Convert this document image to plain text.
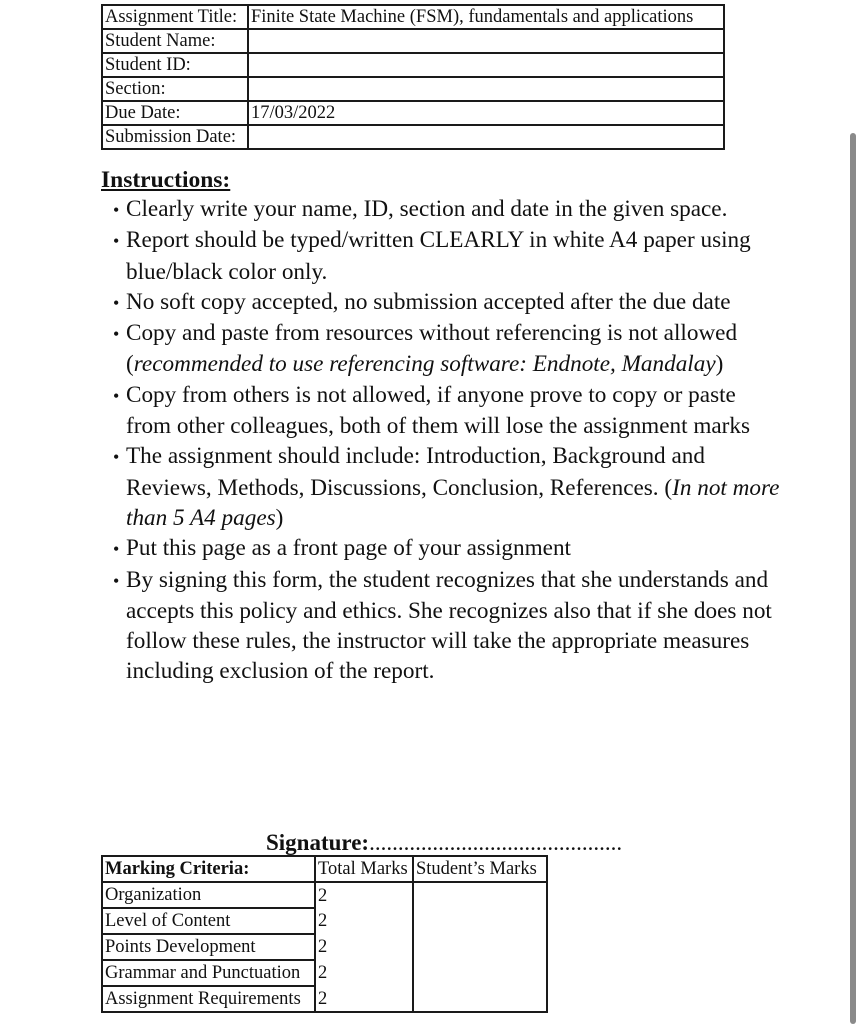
Assignment Title:	Finite State Machine (FSM), fundamentals and applications
Student Name:	
Student ID:	
Section:	
Due Date:	17/03/2022
Submission Date:	

Instructions:

• Clearly write your name, ID, section and date in the given space.
• Report should be typed/written CLEARLY in white A4 paper using blue/black color only.
• No soft copy accepted, no submission accepted after the due date
• Copy and paste from resources without referencing is not allowed (recommended to use referencing software: Endnote, Mandalay)
• Copy from others is not allowed, if anyone prove to copy or paste from other colleagues, both of them will lose the assignment marks
• The assignment should include: Introduction, Background and Reviews, Methods, Discussions, Conclusion, References. (In not more than 5 A4 pages)
• Put this page as a front page of your assignment
• By signing this form, the student recognizes that she understands and accepts this policy and ethics. She recognizes also that if she does not follow these rules, the instructor will take the appropriate measures including exclusion of the report.
Signature:............................................
Marking Criteria:	Total Marks	Student’s Marks
Organization	2	
Level of Content	2	
Points Development	2	
Grammar and Punctuation	2	
Assignment Requirements	2	
